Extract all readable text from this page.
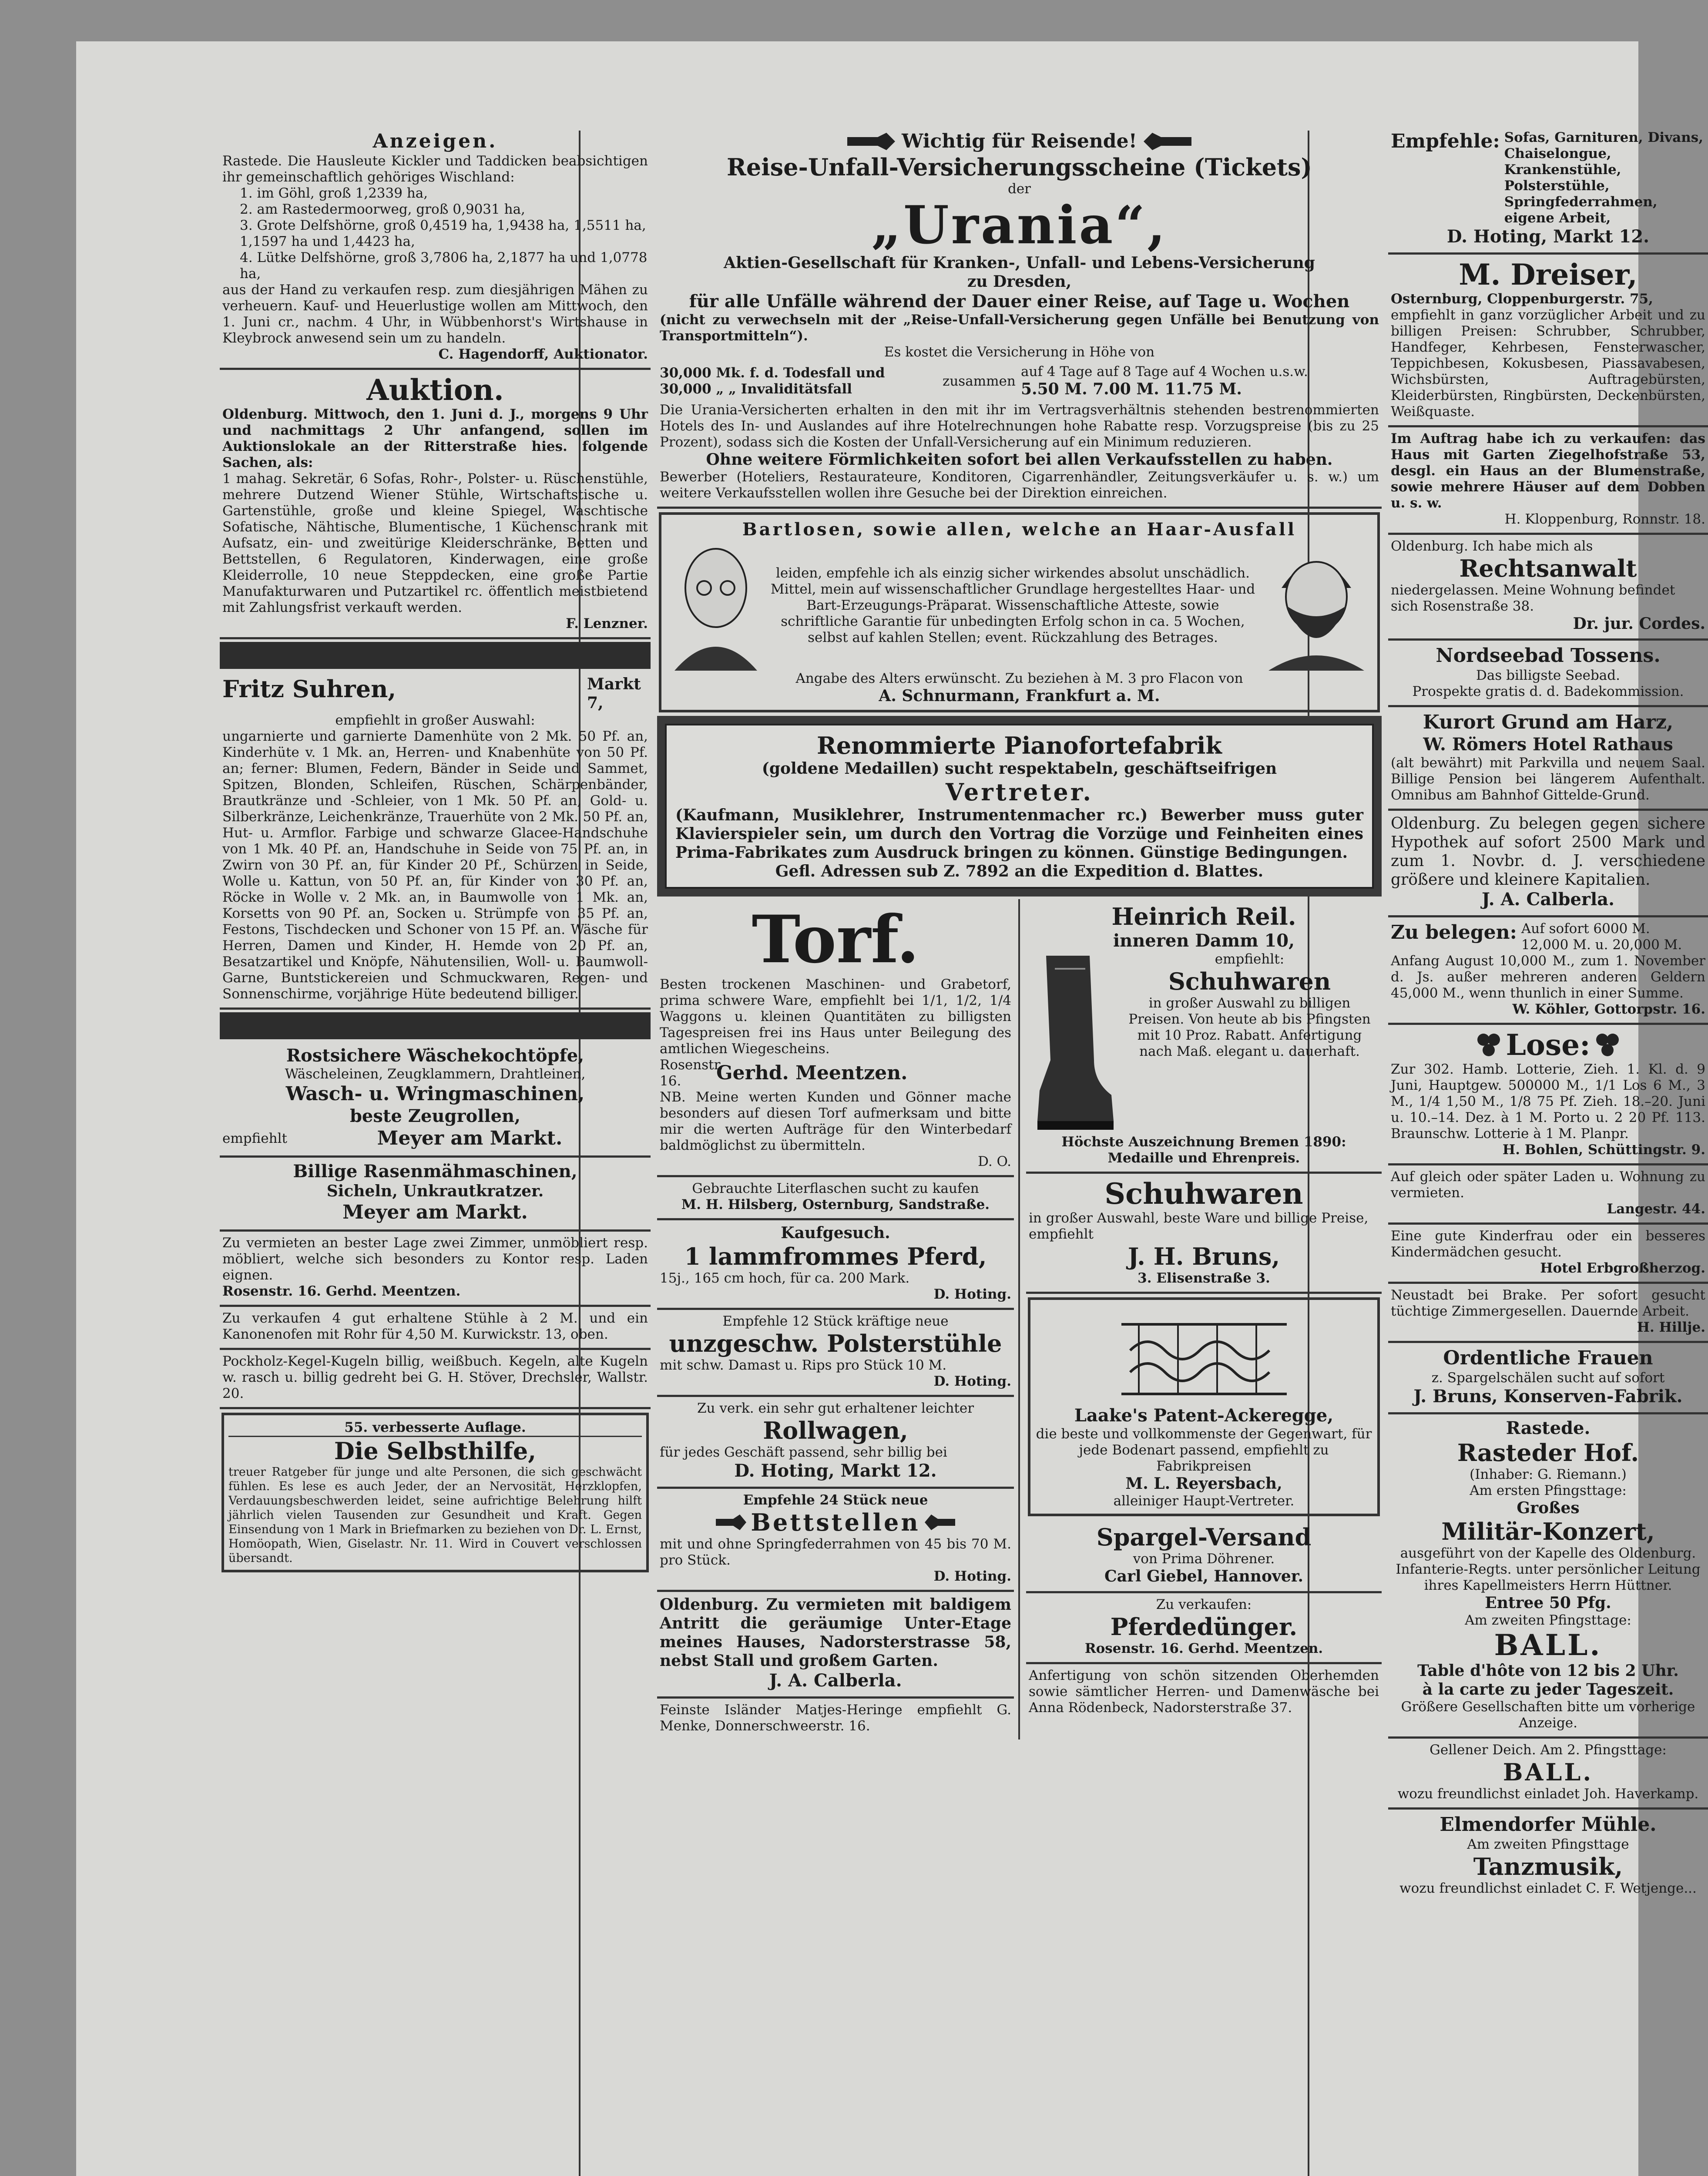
Anzeigen.

Rastede. Die Hausleute Kickler und Taddicken beabsichtigen ihr gemeinschaftlich gehöriges Wischland:

1. im Göhl, groß 1,2339 ha,
2. am Rastedermoorweg, groß 0,9031 ha,
3. Grote Delfshörne, groß 0,4519 ha, 1,9438 ha, 1,5511 ha, 1,1597 ha und 1,4423 ha,
4. Lütke Delfshörne, groß 3,7806 ha, 2,1877 ha und 1,0778 ha,

aus der Hand zu verkaufen resp. zum diesjährigen Mähen zu verheuern. Kauf- und Heuerlustige wollen am Mittwoch, den 1. Juni cr., nachm. 4 Uhr, in Wübbenhorst's Wirtshause in Kleybrock anwesend sein um zu handeln.

C. Hagendorff, Auktionator.

Auktion.

Oldenburg. Mittwoch, den 1. Juni d. J., morgens 9 Uhr und nachmittags 2 Uhr anfangend, sollen im Auktionslokale an der Ritterstraße hies. folgende Sachen, als:

1 mahag. Sekretär, 6 Sofas, Rohr-, Polster- u. Rüschenstühle, mehrere Dutzend Wiener Stühle, Wirtschaftstische u. Gartenstühle, große und kleine Spiegel, Waschtische Sofatische, Nähtische, Blumentische, 1 Küchenschrank mit Aufsatz, ein- und zweitürige Kleiderschränke, Betten und Bettstellen, 6 Regulatoren, Kinderwagen, eine große Kleiderrolle, 10 neue Steppdecken, eine große Partie Manufakturwaren und Putzartikel rc. öffentlich meistbietend mit Zahlungsfrist verkauft werden.

F. Lenzner.

Fritz Suhren,	Markt 7,

empfiehlt in großer Auswahl:

ungarnierte und garnierte Damenhüte von 2 Mk. 50 Pf. an, Kinderhüte v. 1 Mk. an, Herren- und Knabenhüte von 50 Pf. an; ferner: Blumen, Federn, Bänder in Seide und Sammet, Spitzen, Blonden, Schleifen, Rüschen, Schärpenbänder, Brautkränze und -Schleier, von 1 Mk. 50 Pf. an, Gold- u. Silberkränze, Leichenkränze, Trauerhüte von 2 Mk. 50 Pf. an, Hut- u. Armflor. Farbige und schwarze Glacee-Handschuhe von 1 Mk. 40 Pf. an, Handschuhe in Seide von 75 Pf. an, in Zwirn von 30 Pf. an, für Kinder 20 Pf., Schürzen in Seide, Wolle u. Kattun, von 50 Pf. an, für Kinder von 30 Pf. an, Röcke in Wolle v. 2 Mk. an, in Baumwolle von 1 Mk. an, Korsetts von 90 Pf. an, Socken u. Strümpfe von 35 Pf. an, Festons, Tischdecken und Schoner von 15 Pf. an. Wäsche für Herren, Damen und Kinder, H. Hemde von 20 Pf. an, Besatzartikel und Knöpfe, Nähutensilien, Woll- u. Baumwoll-Garne, Buntstickereien und Schmuckwaren, Regen- und Sonnenschirme, vorjährige Hüte bedeutend billiger.

Rostsichere Wäschekochtöpfe,

Wäscheleinen, Zeugklammern, Drahtleinen,

Wasch- u. Wringmaschinen,

beste Zeugrollen,

empfiehlt	Meyer am Markt.

Billige Rasenmähmaschinen,

Sicheln, Unkrautkratzer.

Meyer am Markt.

Zu vermieten an bester Lage zwei Zimmer, unmöbliert resp. möbliert, welche sich besonders zu Kontor resp. Laden eignen.

Rosenstr. 16. Gerhd. Meentzen.

Zu verkaufen 4 gut erhaltene Stühle à 2 M. und ein Kanonenofen mit Rohr für 4,50 M. Kurwickstr. 13, oben.

Pockholz-Kegel-Kugeln billig, weißbuch. Kegeln, alte Kugeln w. rasch u. billig gedreht bei G. H. Stöver, Drechsler, Wallstr. 20.

55. verbesserte Auflage.

Die Selbsthilfe,

treuer Ratgeber für junge und alte Personen, die sich geschwächt fühlen. Es lese es auch Jeder, der an Nervosität, Herzklopfen, Verdauungsbeschwerden leidet, seine aufrichtige Belehrung hilft jährlich vielen Tausenden zur Gesundheit und Kraft. Gegen Einsendung von 1 Mark in Briefmarken zu beziehen von Dr. L. Ernst, Homöopath, Wien, Giselastr. Nr. 11. Wird in Couvert verschlossen übersandt.

Wichtig für Reisende!

Reise-Unfall-Versicherungsscheine (Tickets)

der

„Urania“,

Aktien-Gesellschaft für Kranken-, Unfall- und Lebens-Versicherung

zu Dresden,

für alle Unfälle während der Dauer einer Reise, auf Tage u. Wochen

(nicht zu verwechseln mit der „Reise-Unfall-Versicherung gegen Unfälle bei Benutzung von Transportmitteln“).

Es kostet die Versicherung in Höhe von

30,000 Mk. f. d. Todesfall und

30,000 „ „ Invaliditätsfall

zusammen

auf 4 Tage auf 8 Tage auf 4 Wochen u.s.w.

5.50 M. 7.00 M. 11.75 M.

Die Urania-Versicherten erhalten in den mit ihr im Vertragsverhältnis stehenden bestrenommierten Hotels des In- und Auslandes auf ihre Hotelrechnungen hohe Rabatte resp. Vorzugspreise (bis zu 25 Prozent), sodass sich die Kosten der Unfall-Versicherung auf ein Minimum reduzieren.

Ohne weitere Förmlichkeiten sofort bei allen Verkaufsstellen zu haben.

Bewerber (Hoteliers, Restaurateure, Konditoren, Cigarrenhändler, Zeitungsverkäufer u. s. w.) um weitere Verkaufsstellen wollen ihre Gesuche bei der Direktion einreichen.

Bartlosen, sowie allen, welche an Haar-Ausfall

leiden, empfehle ich als einzig sicher wirkendes absolut unschädlich. Mittel, mein auf wissenschaftlicher Grundlage hergestelltes Haar- und Bart-Erzeugungs-Präparat. Wissenschaftliche Atteste, sowie schriftliche Garantie für unbedingten Erfolg schon in ca. 5 Wochen, selbst auf kahlen Stellen; event. Rückzahlung des Betrages.

Angabe des Alters erwünscht. Zu beziehen à M. 3 pro Flacon von

A. Schnurmann, Frankfurt a. M.

Renommierte Pianofortefabrik

(goldene Medaillen) sucht respektabeln, geschäftseifrigen

Vertreter.

(Kaufmann, Musiklehrer, Instrumentenmacher rc.) Bewerber muss guter Klavierspieler sein, um durch den Vortrag die Vorzüge und Feinheiten eines Prima-Fabrikates zum Ausdruck bringen zu können. Günstige Bedingungen.

Gefl. Adressen sub Z. 7892 an die Expedition d. Blattes.

Torf.

Besten trockenen Maschinen- und Grabetorf, prima schwere Ware, empfiehlt bei 1/1, 1/2, 1/4 Waggons u. kleinen Quantitäten zu billigsten Tagespreisen frei ins Haus unter Beilegung des amtlichen Wiegescheins.

Rosenstr. 16.	Gerhd. Meentzen.

NB. Meine werten Kunden und Gönner mache besonders auf diesen Torf aufmerksam und bitte mir die werten Aufträge für den Winterbedarf baldmöglichst zu übermitteln.

D. O.

Gebrauchte Literflaschen sucht zu kaufen

M. H. Hilsberg, Osternburg, Sandstraße.

Kaufgesuch.

1 lammfrommes Pferd,

15j., 165 cm hoch, für ca. 200 Mark.

D. Hoting.

Empfehle 12 Stück kräftige neue

unzgeschw. Polsterstühle

mit schw. Damast u. Rips pro Stück 10 M.

D. Hoting.

Zu verk. ein sehr gut erhaltener leichter

Rollwagen,

für jedes Geschäft passend, sehr billig bei

D. Hoting, Markt 12.

Empfehle 24 Stück neue

Bettstellen

mit und ohne Springfederrahmen von 45 bis 70 M. pro Stück.

D. Hoting.

Oldenburg. Zu vermieten mit baldigem Antritt die geräumige Unter-Etage meines Hauses, Nadorsterstrasse 58, nebst Stall und großem Garten.

J. A. Calberla.

Feinste Isländer Matjes-Heringe empfiehlt G. Menke, Donnerschweerstr. 16.

Heinrich Reil.

inneren Damm 10,

empfiehlt:

Schuhwaren

in großer Auswahl zu billigen Preisen. Von heute ab bis Pfingsten mit 10 Proz. Rabatt. Anfertigung nach Maß. elegant u. dauerhaft.

Höchste Auszeichnung Bremen 1890: Medaille und Ehrenpreis.

Schuhwaren

in großer Auswahl, beste Ware und billige Preise, empfiehlt

J. H. Bruns,

3. Elisenstraße 3.

Laake's Patent-Ackeregge,

die beste und vollkommenste der Gegenwart, für jede Bodenart passend, empfiehlt zu Fabrikpreisen

M. L. Reyersbach,

alleiniger Haupt-Vertreter.

Spargel-Versand

von Prima Döhrener.

Carl Giebel, Hannover.

Zu verkaufen:

Pferdedünger.

Rosenstr. 16. Gerhd. Meentzen.

Anfertigung von schön sitzenden Oberhemden sowie sämtlicher Herren- und Damenwäsche bei Anna Rödenbeck, Nadorsterstraße 37.

Empfehle: Sofas, Garnituren, Divans, Chaiselongue, Krankenstühle, Polsterstühle, Springfederrahmen, eigene Arbeit,

D. Hoting, Markt 12.

M. Dreiser,

Osternburg, Cloppenburgerstr. 75,

empfiehlt in ganz vorzüglicher Arbeit und zu billigen Preisen: Schrubber, Schrubber, Handfeger, Kehrbesen, Fensterwascher, Teppichbesen, Kokusbesen, Piassavabesen, Wichsbürsten, Auftragebürsten, Kleiderbürsten, Ringbürsten, Deckenbürsten, Weißquaste.

Im Auftrag habe ich zu verkaufen: das Haus mit Garten Ziegelhofstraße 53, desgl. ein Haus an der Blumenstraße, sowie mehrere Häuser auf dem Dobben u. s. w.

H. Kloppenburg, Ronnstr. 18.

Oldenburg. Ich habe mich als

Rechtsanwalt

niedergelassen. Meine Wohnung befindet sich Rosenstraße 38.

Dr. jur. Cordes.

Nordseebad Tossens.

Das billigste Seebad.

Prospekte gratis d. d. Badekommission.

Kurort Grund am Harz,

W. Römers Hotel Rathaus

(alt bewährt) mit Parkvilla und neuem Saal. Billige Pension bei längerem Aufenthalt. Omnibus am Bahnhof Gittelde-Grund.

Oldenburg. Zu belegen gegen sichere Hypothek auf sofort 2500 Mark und zum 1. Novbr. d. J. verschiedene größere und kleinere Kapitalien.

J. A. Calberla.

Zu belegen: Auf sofort 6000 M.

12,000 M. u. 20,000 M.

Anfang August 10,000 M., zum 1. November d. Js. außer mehreren anderen Geldern 45,000 M., wenn thunlich in einer Summe.

W. Köhler, Gottorpstr. 16.

Lose:

Zur 302. Hamb. Lotterie, Zieh. 1. Kl. d. 9 Juni, Hauptgew. 500000 M., 1/1 Los 6 M., 3 M., 1/4 1,50 M., 1/8 75 Pf. Zieh. 18.–20. Juni u. 10.–14. Dez. à 1 M. Porto u. 2 20 Pf. 113. Braunschw. Lotterie à 1 M. Planpr.

H. Bohlen, Schüttingstr. 9.

Auf gleich oder später Laden u. Wohnung zu vermieten.

Langestr. 44.

Eine gute Kinderfrau oder ein besseres Kindermädchen gesucht.

Hotel Erbgroßherzog.

Neustadt bei Brake. Per sofort gesucht tüchtige Zimmergesellen. Dauernde Arbeit.

H. Hillje.

Ordentliche Frauen

z. Spargelschälen sucht auf sofort

J. Bruns, Konserven-Fabrik.

Rastede.

Rasteder Hof.

(Inhaber: G. Riemann.)

Am ersten Pfingsttage:

Großes

Militär-Konzert,

ausgeführt von der Kapelle des Oldenburg. Infanterie-Regts. unter persönlicher Leitung ihres Kapellmeisters Herrn Hüttner.

Entree 50 Pfg.

Am zweiten Pfingsttage:

BALL.

Table d'hôte von 12 bis 2 Uhr.

à la carte zu jeder Tageszeit.

Größere Gesellschaften bitte um vorherige Anzeige.

Gellener Deich. Am 2. Pfingsttage:

BALL.

wozu freundlichst einladet Joh. Haverkamp.

Elmendorfer Mühle.

Am zweiten Pfingsttage

Tanzmusik,

wozu freundlichst einladet C. F. Wetjenge...
